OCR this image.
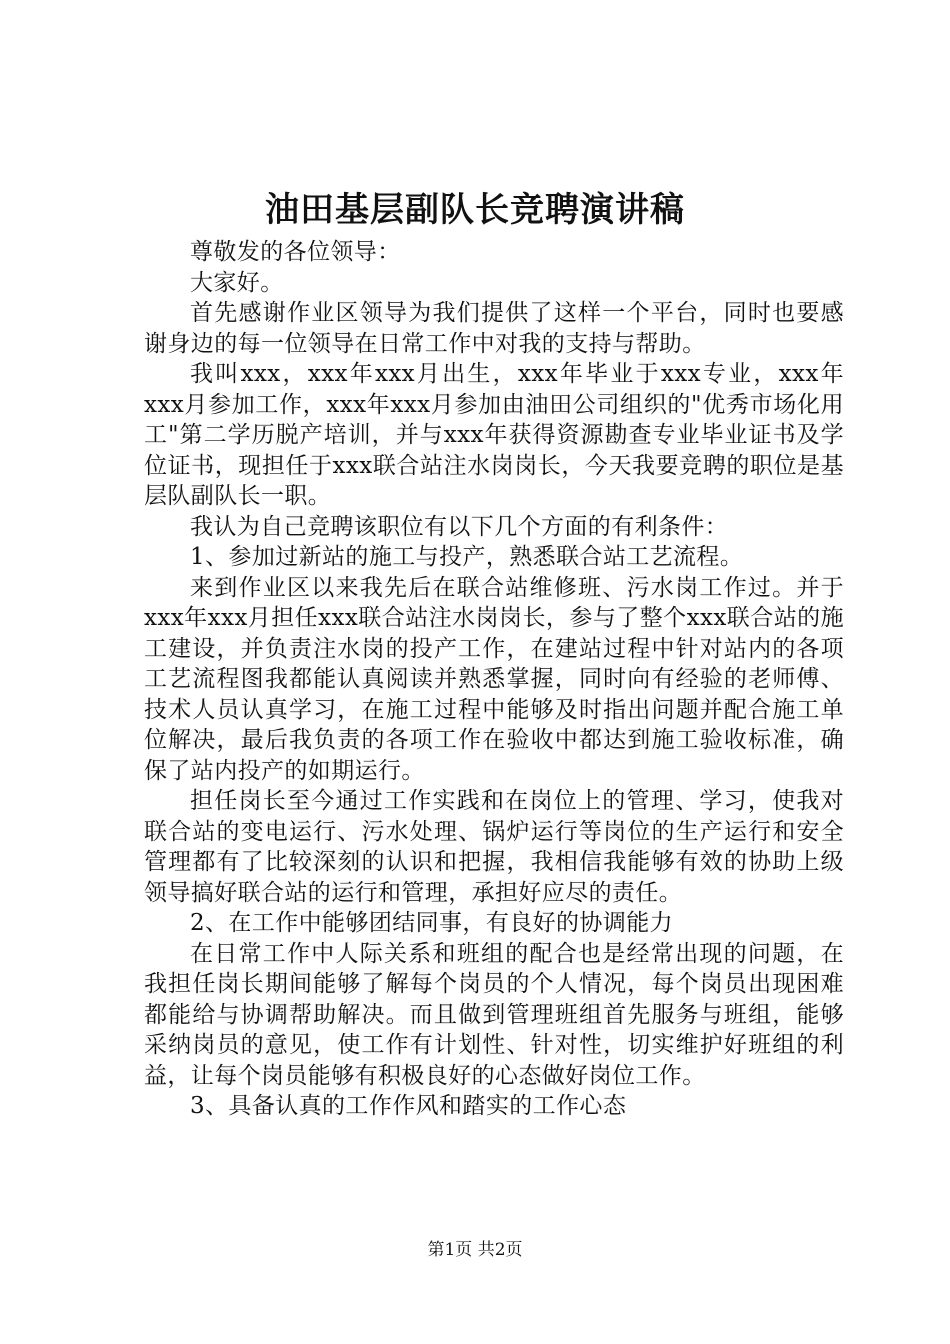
油田基层副队长竞聘演讲稿

尊敬发的各位领导：

大家好。

首先感谢作业区领导为我们提供了这样一个平台，同时也要感谢身边的每一位领导在日常工作中对我的支持与帮助。

我叫xxx，xxx年xxx月出生，xxx年毕业于xxx专业，xxx年xxx月参加工作，xxx年xxx月参加由油田公司组织的"优秀市场化用工"第二学历脱产培训，并与xxx年获得资源勘查专业毕业证书及学位证书，现担任于xxx联合站注水岗岗长，今天我要竞聘的职位是基层队副队长一职。

我认为自己竞聘该职位有以下几个方面的有利条件：

1、参加过新站的施工与投产，熟悉联合站工艺流程。

来到作业区以来我先后在联合站维修班、污水岗工作过。并于xxx年xxx月担任xxx联合站注水岗岗长，参与了整个xxx联合站的施工建设，并负责注水岗的投产工作，在建站过程中针对站内的各项工艺流程图我都能认真阅读并熟悉掌握，同时向有经验的老师傅、技术人员认真学习，在施工过程中能够及时指出问题并配合施工单位解决，最后我负责的各项工作在验收中都达到施工验收标准，确保了站内投产的如期运行。

担任岗长至今通过工作实践和在岗位上的管理、学习，使我对联合站的变电运行、污水处理、锅炉运行等岗位的生产运行和安全管理都有了比较深刻的认识和把握，我相信我能够有效的协助上级领导搞好联合站的运行和管理，承担好应尽的责任。

2、在工作中能够团结同事，有良好的协调能力

在日常工作中人际关系和班组的配合也是经常出现的问题，在我担任岗长期间能够了解每个岗员的个人情况，每个岗员出现困难都能给与协调帮助解决。而且做到管理班组首先服务与班组，能够采纳岗员的意见，使工作有计划性、针对性，切实维护好班组的利益，让每个岗员能够有积极良好的心态做好岗位工作。

3、具备认真的工作作风和踏实的工作心态

第1页 共2页
